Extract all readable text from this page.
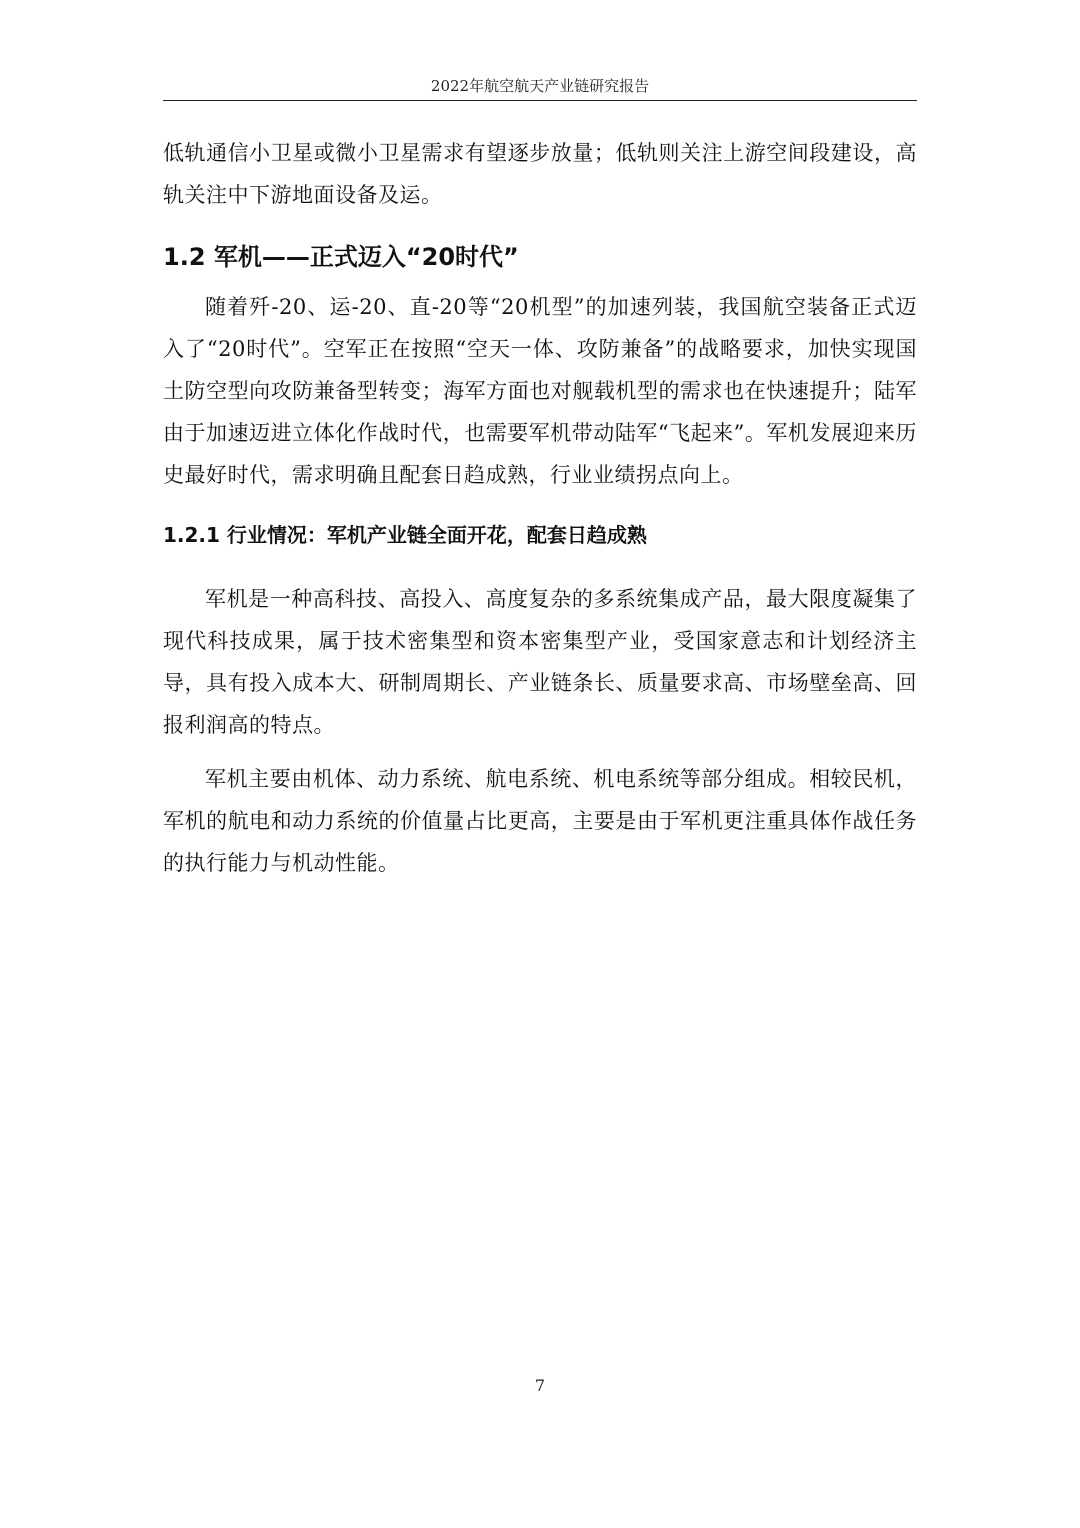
2022年航空航天产业链研究报告

低轨通信小卫星或微小卫星需求有望逐步放量；低轨则关注上游空间段建设，高轨关注中下游地面设备及运。

1.2 军机——正式迈入“20时代”

随着歼-20、运-20、直-20等“20机型”的加速列装，我国航空装备正式迈入了“20时代”。空军正在按照“空天一体、攻防兼备”的战略要求，加快实现国土防空型向攻防兼备型转变；海军方面也对舰载机型的需求也在快速提升；陆军由于加速迈进立体化作战时代，也需要军机带动陆军“飞起来”。军机发展迎来历史最好时代，需求明确且配套日趋成熟，行业业绩拐点向上。

1.2.1 行业情况：军机产业链全面开花，配套日趋成熟

军机是一种高科技、高投入、高度复杂的多系统集成产品，最大限度凝集了现代科技成果，属于技术密集型和资本密集型产业，受国家意志和计划经济主导，具有投入成本大、研制周期长、产业链条长、质量要求高、市场壁垒高、回报利润高的特点。

军机主要由机体、动力系统、航电系统、机电系统等部分组成。相较民机，军机的航电和动力系统的价值量占比更高，主要是由于军机更注重具体作战任务的执行能力与机动性能。

7
